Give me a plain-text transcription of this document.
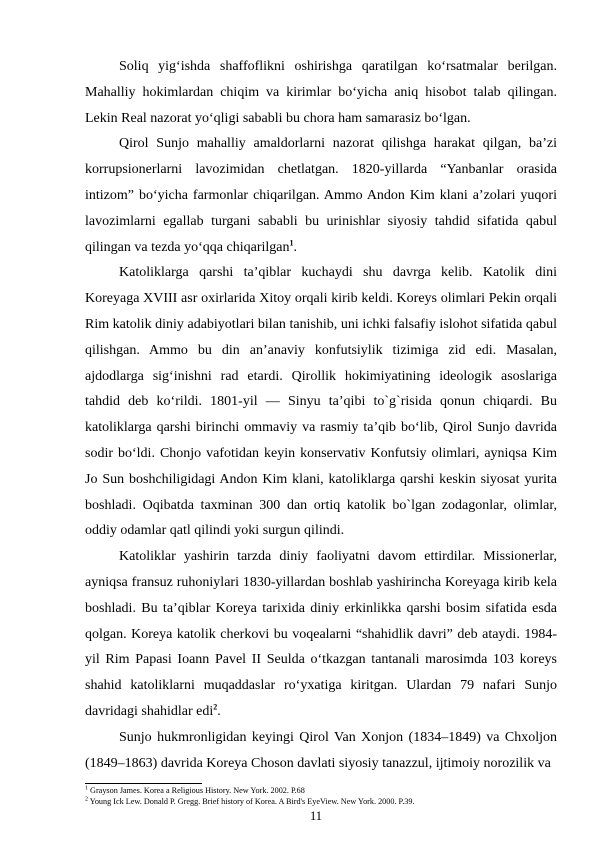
Soliq yig‘ishda shaffoflikni oshirishga qaratilgan ko‘rsatmalar berilgan. Mahalliy hokimlardan chiqim va kirimlar bo‘yicha aniq hisobot talab qilingan. Lekin Real nazorat yo‘qligi sababli bu chora ham samarasiz bo‘lgan.

Qirol Sunjo mahalliy amaldorlarni nazorat qilishga harakat qilgan, ba’zi korrupsionerlarni lavozimidan chetlatgan. 1820-yillarda “Yanbanlar orasida intizom” bo‘yicha farmonlar chiqarilgan. Ammo Andon Kim klani a’zolari yuqori lavozimlarni egallab turgani sababli bu urinishlar siyosiy tahdid sifatida qabul qilingan va tezda yo‘qqa chiqarilgan$^1$.

Katoliklarga qarshi taʼqiblar kuchaydi shu davrga kelib. Katolik dini Koreyaga XVIII asr oxirlarida Xitoy orqali kirib keldi. Koreys olimlari Pekin orqali Rim katolik diniy adabiyotlari bilan tanishib, uni ichki falsafiy islohot sifatida qabul qilishgan. Ammo bu din an’anaviy konfutsiylik tizimiga zid edi. Masalan, ajdodlarga sig‘inishni rad etardi. Qirollik hokimiyatining ideologik asoslariga tahdid deb ko‘rildi. 1801-yil — Sinyu ta’qibi to`g`risida qonun chiqardi. Bu katoliklarga qarshi birinchi ommaviy va rasmiy taʼqib bo‘lib, Qirol Sunjo davrida sodir bo‘ldi. Chonjo vafotidan keyin konservativ Konfutsiy olimlari, ayniqsa Kim Jo Sun boshchiligidagi Andon Kim klani, katoliklarga qarshi keskin siyosat yurita boshladi. Oqibatda taxminan 300 dan ortiq katolik bo`lgan zodagonlar, olimlar, oddiy odamlar qatl qilindi yoki surgun qilindi.

Katoliklar yashirin tarzda diniy faoliyatni davom ettirdilar. Missionerlar, ayniqsa fransuz ruhoniylari 1830-yillardan boshlab yashirincha Koreyaga kirib kela boshladi. Bu ta’qiblar Koreya tarixida diniy erkinlikka qarshi bosim sifatida esda qolgan. Koreya katolik cherkovi bu voqealarni “shahidlik davri” deb ataydi. 1984-yil Rim Papasi Ioann Pavel II Seulda o‘tkazgan tantanali marosimda 103 koreys shahid katoliklarni muqaddaslar ro‘yxatiga kiritgan. Ulardan 79 nafari Sunjo davridagi shahidlar edi$^2$.

Sunjo hukmronligidan keyingi Qirol Van Xonjon (1834–1849) va Chxoljon (1849–1863) davrida Koreya Choson davlati siyosiy tanazzul, ijtimoiy norozilik va

$^1$ Grayson James. Korea a Religious History. New York. 2002. P.68

$^2$ Young Ick Lew. Donald P. Gregg. Brief history of Korea. A Bird's EyeView. New York. 2000. P.39.

11
